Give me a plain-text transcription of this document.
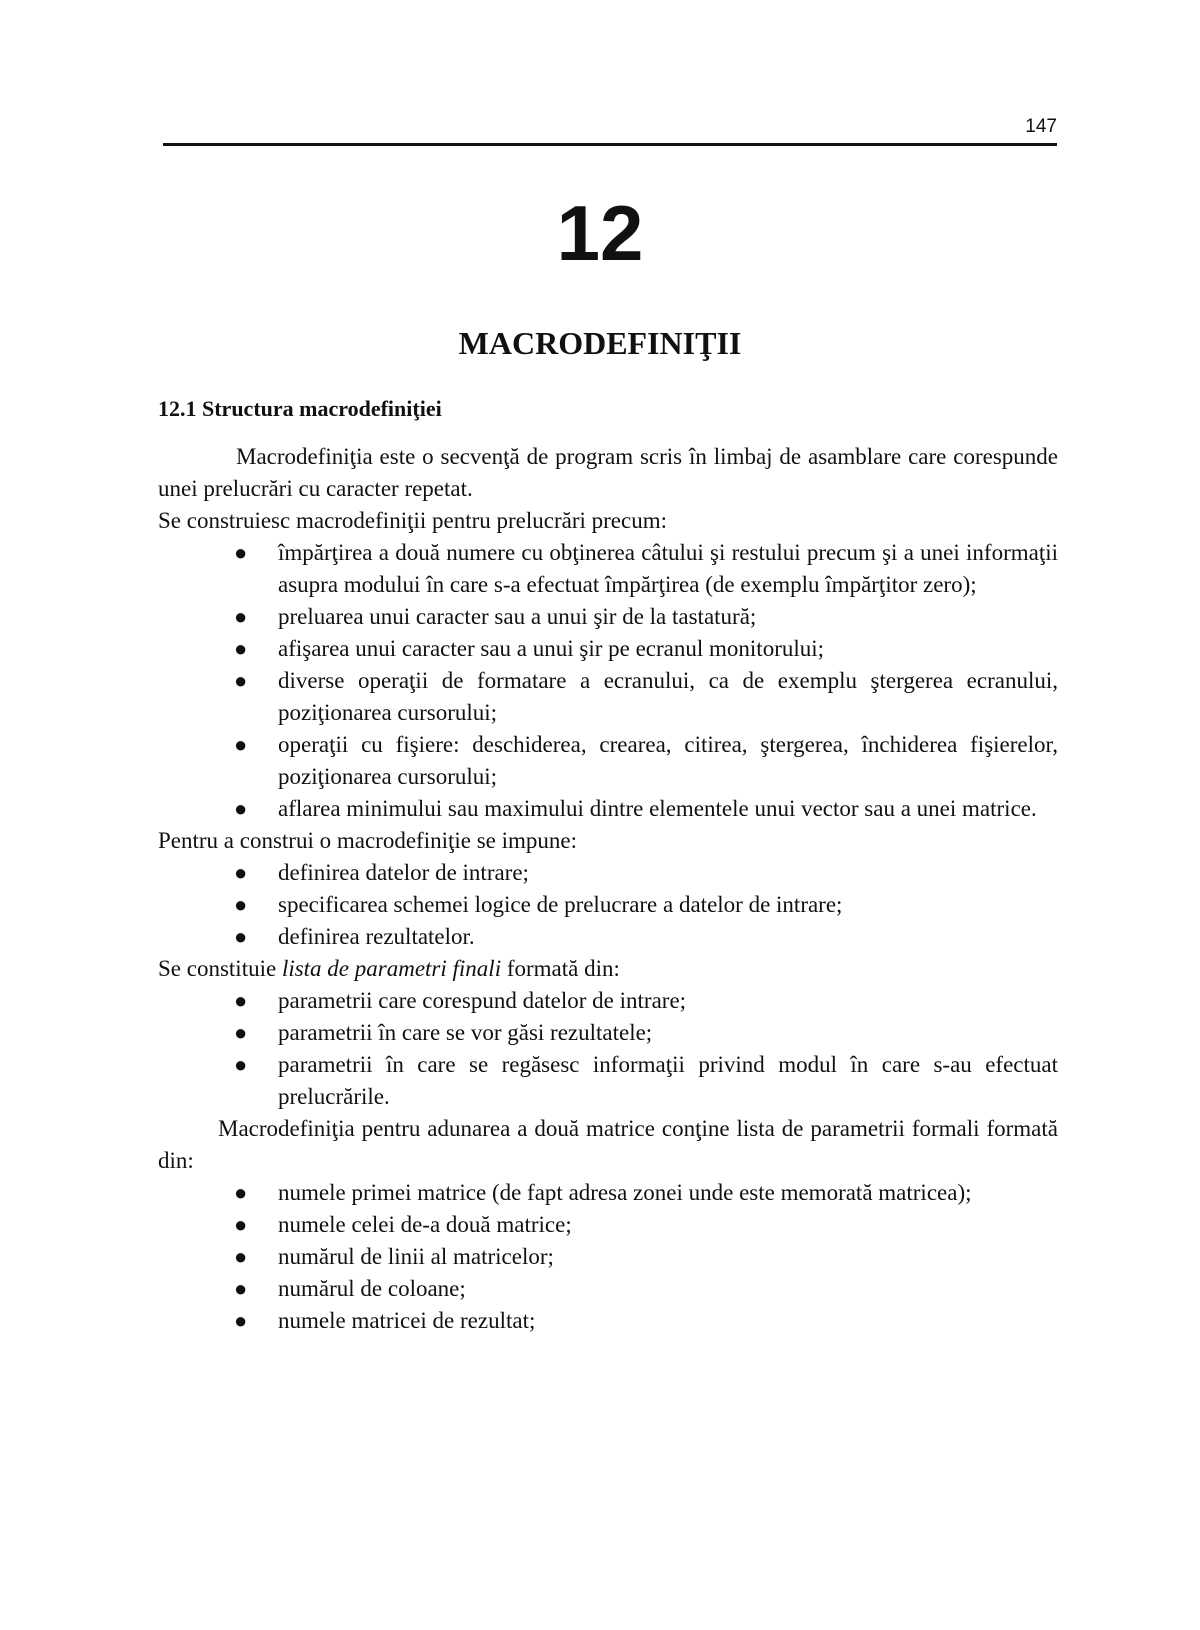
147
12
MACRODEFINIŢII
12.1 Structura macrodefiniţiei

Macrodefiniţia este o secvenţă de program scris în limbaj de asamblare care corespunde unei prelucrări cu caracter repetat.

Se construiesc macrodefiniţii pentru prelucrări precum:

● împărţirea a două numere cu obţinerea câtului şi restului precum şi a unei informaţii asupra modului în care s-a efectuat împărţirea (de exemplu împărţitor zero);
● preluarea unui caracter sau a unui şir de la tastatură;
● afişarea unui caracter sau a unui şir pe ecranul monitorului;
● diverse operaţii de formatare a ecranului, ca de exemplu ştergerea ecranului, poziţionarea cursorului;
● operaţii cu fişiere: deschiderea, crearea, citirea, ştergerea, închiderea fişierelor, poziţionarea cursorului;
● aflarea minimului sau maximului dintre elementele unui vector sau a unei matrice.

Pentru a construi o macrodefiniţie se impune:

● definirea datelor de intrare;
● specificarea schemei logice de prelucrare a datelor de intrare;
● definirea rezultatelor.

Se constituie lista de parametri finali formată din:

● parametrii care corespund datelor de intrare;
● parametrii în care se vor găsi rezultatele;
● parametrii în care se regăsesc informaţii privind modul în care s-au efectuat prelucrările.

Macrodefiniţia pentru adunarea a două matrice conţine lista de parametrii formali formată din:

● numele primei matrice (de fapt adresa zonei unde este memorată matricea);
● numele celei de-a două matrice;
● numărul de linii al matricelor;
● numărul de coloane;
● numele matricei de rezultat;
